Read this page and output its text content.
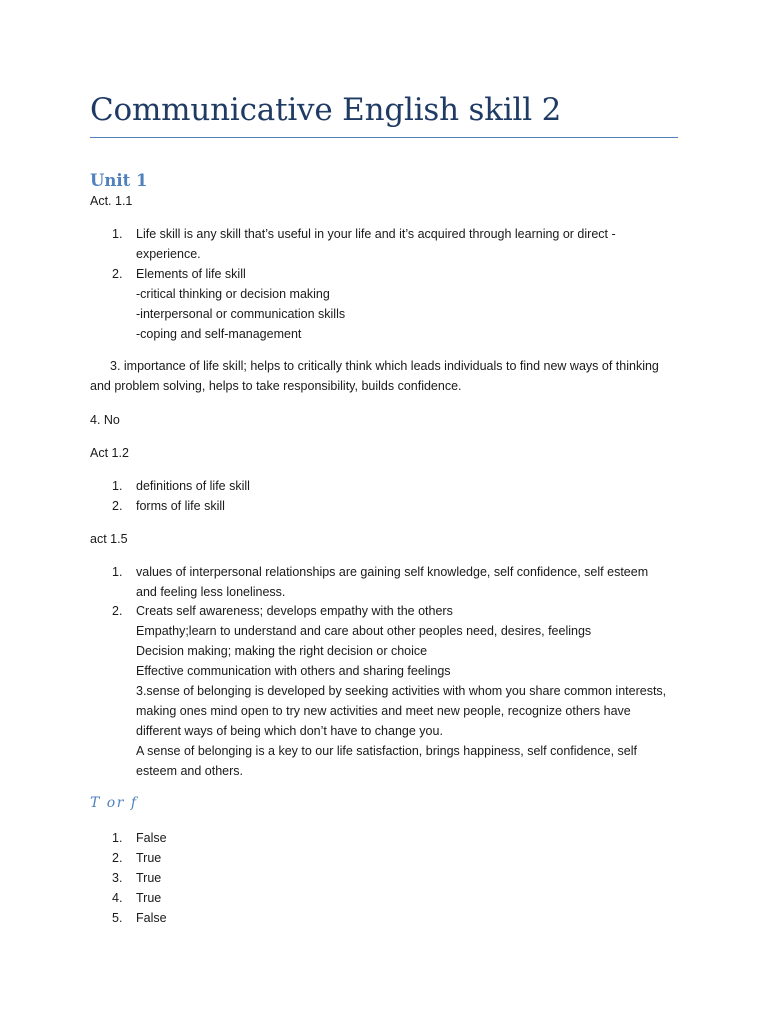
Communicative English skill 2
Unit 1
Act. 1.1
1. Life skill is any skill that’s useful in your life and it’s acquired through learning or direct -
experience.
2. Elements of life skill
-critical thinking or decision making
-interpersonal or communication skills
-coping and self-management
3. importance of life skill; helps to critically think which leads individuals to find new ways of thinking and problem solving, helps to take responsibility, builds confidence.
4. No
Act 1.2
1. definitions of life skill
2. forms of life skill
act 1.5
1. values of interpersonal relationships are gaining self knowledge, self confidence, self esteem
and feeling less loneliness.
2. Creats self awareness; develops empathy with the others
Empathy;learn to understand and care about other peoples need, desires, feelings
Decision making; making the right decision or choice
Effective communication with others and sharing feelings
3.sense of belonging is developed by seeking activities with whom you share common interests,
making ones mind open to try new activities and meet new people, recognize others have
different ways of being which don’t have to change you.
A sense of belonging is a key to our life satisfaction, brings happiness, self confidence, self
esteem and others.
T or f
1. False
2. True
3. True
4. True
5. False
